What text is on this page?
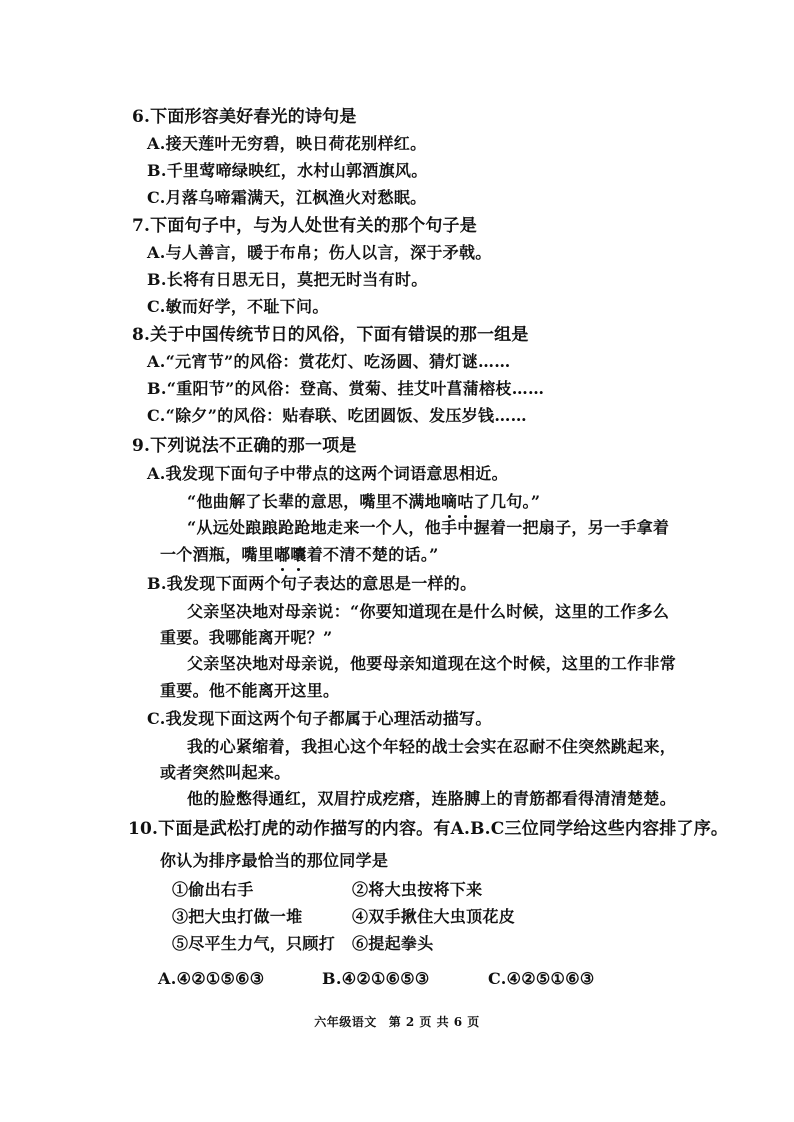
6.下面形容美好春光的诗句是
A.接天莲叶无穷碧，映日荷花别样红。
B.千里莺啼绿映红，水村山郭酒旗风。
C.月落乌啼霜满天，江枫渔火对愁眠。
7.下面句子中，与为人处世有关的那个句子是
A.与人善言，暖于布帛；伤人以言，深于矛戟。
B.长将有日思无日，莫把无时当有时。
C.敏而好学，不耻下问。
8.关于中国传统节日的风俗，下面有错误的那一组是
A.“元宵节”的风俗：赏花灯、吃汤圆、猜灯谜……
B.“重阳节”的风俗：登高、赏菊、挂艾叶菖蒲榕枝……
C.“除夕”的风俗：贴春联、吃团圆饭、发压岁钱……
9.下列说法不正确的那一项是
A.我发现下面句子中带点的这两个词语意思相近。
“他曲解了长辈的意思，嘴里不满地嘀咕了几句。”
“从远处踉踉跄跄地走来一个人，他手中握着一把扇子，另一手拿着
一个酒瓶，嘴里嘟囔着不清不楚的话。”
B.我发现下面两个句子表达的意思是一样的。
父亲坚决地对母亲说：“你要知道现在是什么时候，这里的工作多么
重要。我哪能离开呢？”
父亲坚决地对母亲说，他要母亲知道现在这个时候，这里的工作非常
重要。他不能离开这里。
C.我发现下面这两个句子都属于心理活动描写。
我的心紧缩着，我担心这个年轻的战士会实在忍耐不住突然跳起来，
或者突然叫起来。
他的脸憋得通红，双眉拧成疙瘩，连胳膊上的青筋都看得清清楚楚。
10.下面是武松打虎的动作描写的内容。有A.B.C三位同学给这些内容排了序。
你认为排序最恰当的那位同学是
①偷出右手	②将大虫按将下来
③把大虫打做一堆	④双手揪住大虫顶花皮
⑤尽平生力气，只顾打 ⑥提起拳头
A.④②①⑤⑥③	B.④②①⑥⑤③	C.④②⑤①⑥③
六年级语文 第 2 页 共 6 页
